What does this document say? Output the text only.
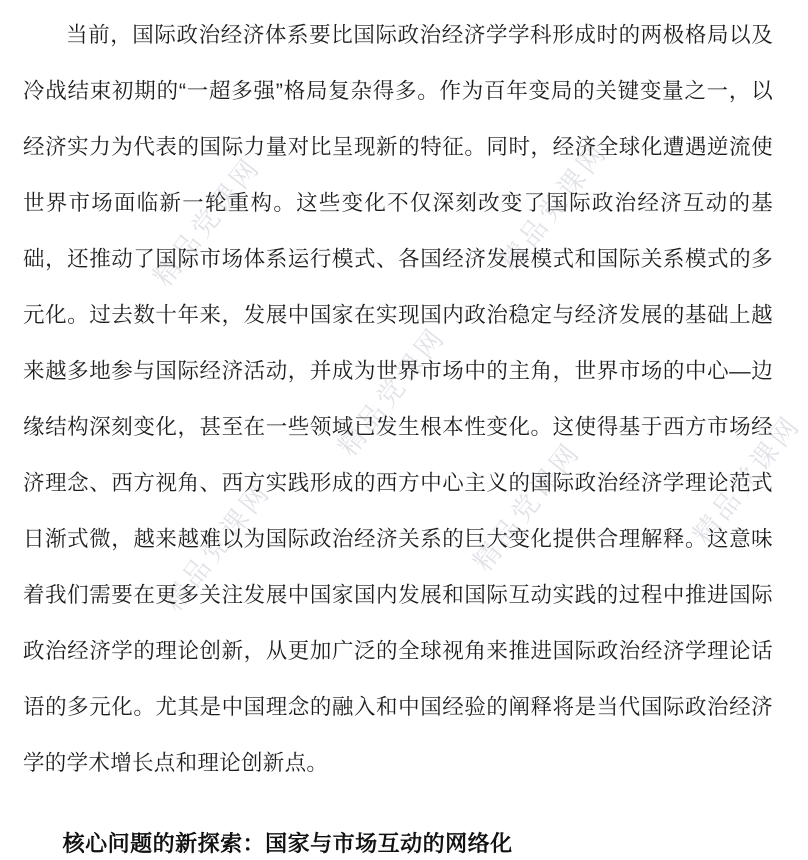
精品党课网	精品党课网
精品党课网
精品党课网	精品党课网	精品党课网

当前，国际政治经济体系要比国际政治经济学学科形成时的两极格局以及冷战结束初期的“一超多强”格局复杂得多。作为百年变局的关键变量之一，以经济实力为代表的国际力量对比呈现新的特征。同时，经济全球化遭遇逆流使世界市场面临新一轮重构。这些变化不仅深刻改变了国际政治经济互动的基础，还推动了国际市场体系运行模式、各国经济发展模式和国际关系模式的多元化。过去数十年来，发展中国家在实现国内政治稳定与经济发展的基础上越来越多地参与国际经济活动，并成为世界市场中的主角，世界市场的中心—边缘结构深刻变化，甚至在一些领域已发生根本性变化。这使得基于西方市场经济理念、西方视角、西方实践形成的西方中心主义的国际政治经济学理论范式日渐式微，越来越难以为国际政治经济关系的巨大变化提供合理解释。这意味着我们需要在更多关注发展中国家国内发展和国际互动实践的过程中推进国际政治经济学的理论创新，从更加广泛的全球视角来推进国际政治经济学理论话语的多元化。尤其是中国理念的融入和中国经验的阐释将是当代国际政治经济学的学术增长点和理论创新点。

核心问题的新探索：国家与市场互动的网络化
